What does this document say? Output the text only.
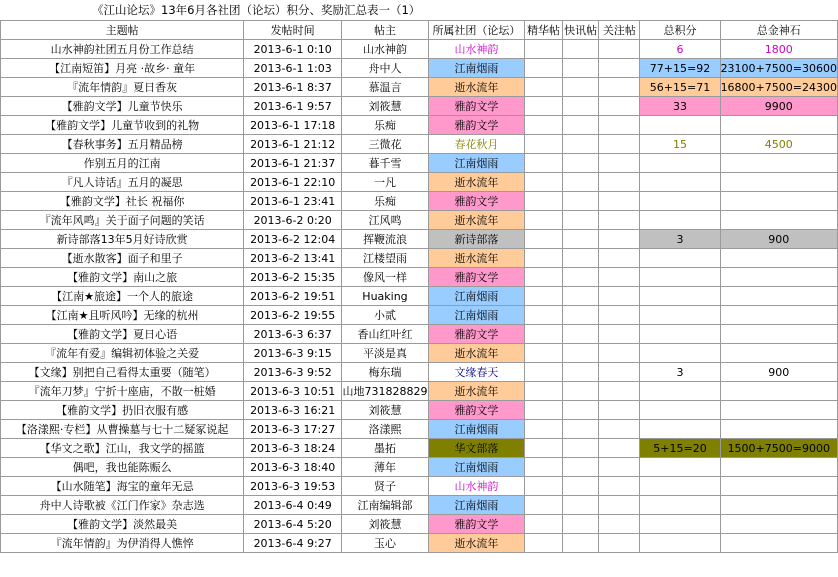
《江山论坛》13年6月各社团（论坛）积分、奖励汇总表一（1）
主题帖	发帖时间	帖主	所属社团（论坛）	精华帖	快讯帖	关注帖	总积分	总金神石
山水神韵社团五月份工作总结	2013-6-1 0:10	山水神韵	山水神韵				6	1800
【江南短笛】月亮 ·故乡· 童年	2013-6-1 1:03	舟中人	江南烟雨				77+15=92	23100+7500=30600
『流年情韵』夏日香灰	2013-6-1 8:37	慕温言	逝水流年				56+15=71	16800+7500=24300
【雅韵文学】儿童节快乐	2013-6-1 9:57	刘筱慧	雅韵文学				33	9900
【雅韵文学】儿童节收到的礼物	2013-6-1 17:18	乐痴	雅韵文学					
【春秋事务】五月精品榜	2013-6-1 21:12	三微花	春花秋月				15	4500
作别五月的江南	2013-6-1 21:37	暮千雪	江南烟雨					
『凡人诗话』五月的凝思	2013-6-1 22:10	一凡	逝水流年					
【雅韵文学】社长 祝福你	2013-6-1 23:41	乐痴	雅韵文学					
『流年风鸣』关于面子问题的笑话	2013-6-2 0:20	江风鸣	逝水流年					
新诗部落13年5月好诗欣赏	2013-6-2 12:04	挥鞭流浪	新诗部落				3	900
【逝水散客】面子和里子	2013-6-2 13:41	江楼望雨	逝水流年					
【雅韵文学】南山之旅	2013-6-2 15:35	像风一样	雅韵文学					
【江南★旅途】一个人的旅途	2013-6-2 19:51	Huaking	江南烟雨					
【江南★且听风吟】无缘的杭州	2013-6-2 19:55	小贰	江南烟雨					
【雅韵文学】夏日心语	2013-6-3 6:37	香山红叶红	雅韵文学					
『流年有爱』编辑初体验之关爱	2013-6-3 9:15	平淡是真	逝水流年					
【文缘】别把自己看得太重要（随笔）	2013-6-3 9:52	梅东瑞	文缘春天				3	900
『流年刀梦』宁折十座庙，不散一桩婚	2013-6-3 10:51	山地731828829	逝水流年					
【雅韵文学】扔旧衣服有感	2013-6-3 16:21	刘筱慧	雅韵文学					
【洛漾熙·专栏】从曹操墓与七十二疑冢说起	2013-6-3 17:27	洛漾熙	江南烟雨					
【华文之歌】江山，我文学的摇篮	2013-6-3 18:24	墨拓	华文部落				5+15=20	1500+7500=9000
偶吧，我也能陈赈么	2013-6-3 18:40	薄年	江南烟雨					
【山水随笔】海宝的童年无忌	2013-6-3 19:53	贤子	山水神韵					
舟中人诗歌被《江门作家》杂志选	2013-6-4 0:49	江南编辑部	江南烟雨					
【雅韵文学】淡然最美	2013-6-4 5:20	刘筱慧	雅韵文学					
『流年情韵』为伊消得人憔悴	2013-6-4 9:27	玉心	逝水流年					
